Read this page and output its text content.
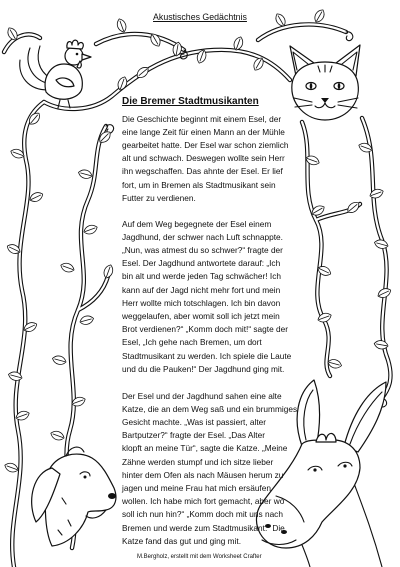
Akustisches Gedächtnis
Die Bremer Stadtmusikanten
Die Geschichte beginnt mit einem Esel, der
eine lange Zeit für einen Mann an der Mühle
gearbeitet hatte. Der Esel war schon ziemlich
alt und schwach. Deswegen wollte sein Herr
ihn wegschaffen. Das ahnte der Esel. Er lief
fort, um in Bremen als Stadtmusikant sein
Futter zu verdienen.
Auf dem Weg begegnete der Esel einem
Jagdhund, der schwer nach Luft schnappte.
„Nun, was atmest du so schwer?“ fragte der
Esel. Der Jagdhund antwortete darauf: „Ich
bin alt und werde jeden Tag schwächer! Ich
kann auf der Jagd nicht mehr fort und mein
Herr wollte mich totschlagen. Ich bin davon
weggelaufen, aber womit soll ich jetzt mein
Brot verdienen?“ „Komm doch mit!“ sagte der
Esel, „Ich gehe nach Bremen, um dort
Stadtmusikant zu werden. Ich spiele die Laute
und du die Pauken!“ Der Jagdhund ging mit.
Der Esel und der Jagdhund sahen eine alte
Katze, die an dem Weg saß und ein brummiges
Gesicht machte. „Was ist passiert, alter
Bartputzer?“ fragte der Esel. „Das Alter
klopft an meine Tür“, sagte die Katze. „Meine
Zähne werden stumpf und ich sitze lieber
hinter dem Ofen als nach Mäusen herum zu
jagen und meine Frau hat mich ersäufen
wollen. Ich habe mich fort gemacht, aber wo
soll ich nun hin?“ „Komm doch mit uns nach
Bremen und werde zum Stadtmusikant.“ Die
Katze fand das gut und ging mit.
M.Bergholz, erstellt mit dem Worksheet Crafter
